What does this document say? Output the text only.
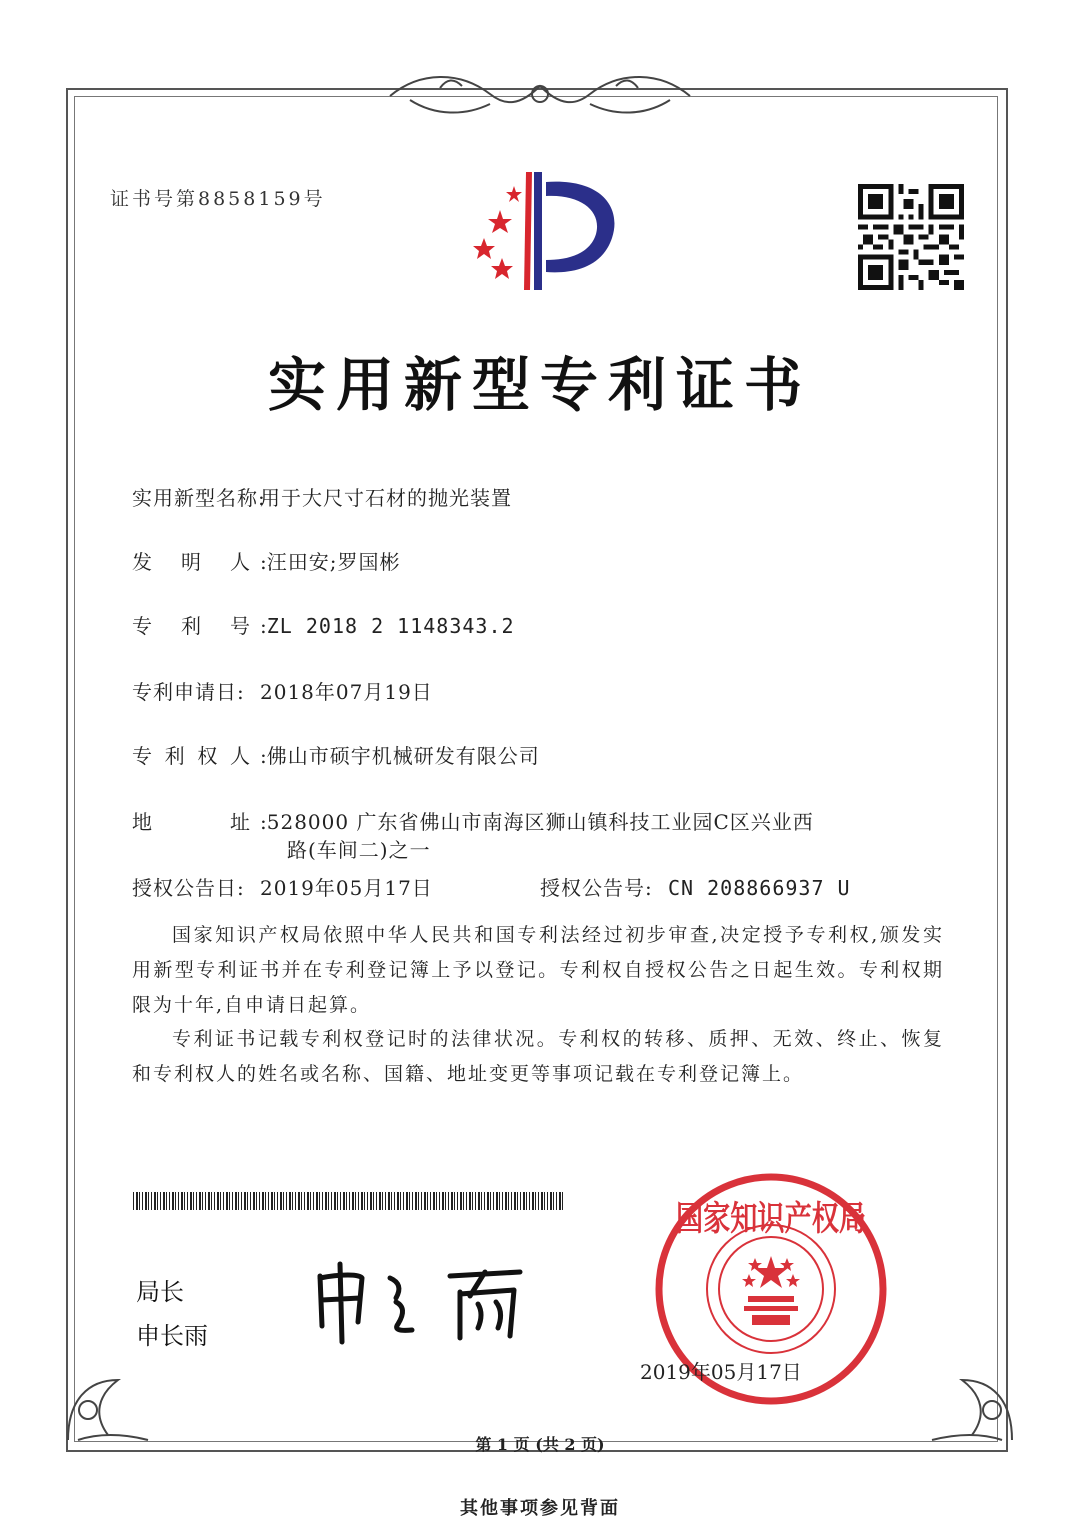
证书号第8858159号
实用新型专利证书
实用新型名称:用于大尺寸石材的抛光装置
发 明 人 :汪田安;罗国彬
专 利 号 :ZL 2018 2 1148343.2
专利申请日: 2018年07月19日
专 利 权 人 :佛山市硕宇机械研发有限公司
地	址 :528000 广东省佛山市南海区狮山镇科技工业园C区兴业西
路(车间二)之一
授权公告日: 2019年05月17日	授权公告号: CN 208866937 U
国家知识产权局依照中华人民共和国专利法经过初步审查,决定授予专利权,颁发实用新型专利证书并在专利登记簿上予以登记。专利权自授权公告之日起生效。专利权期限为十年,自申请日起算。
专利证书记载专利权登记时的法律状况。专利权的转移、质押、无效、终止、恢复和专利权人的姓名或名称、国籍、地址变更等事项记载在专利登记簿上。
局长
申长雨
国家知识产权局
2019年05月17日
第 1 页 (共 2 页)
其他事项参见背面
